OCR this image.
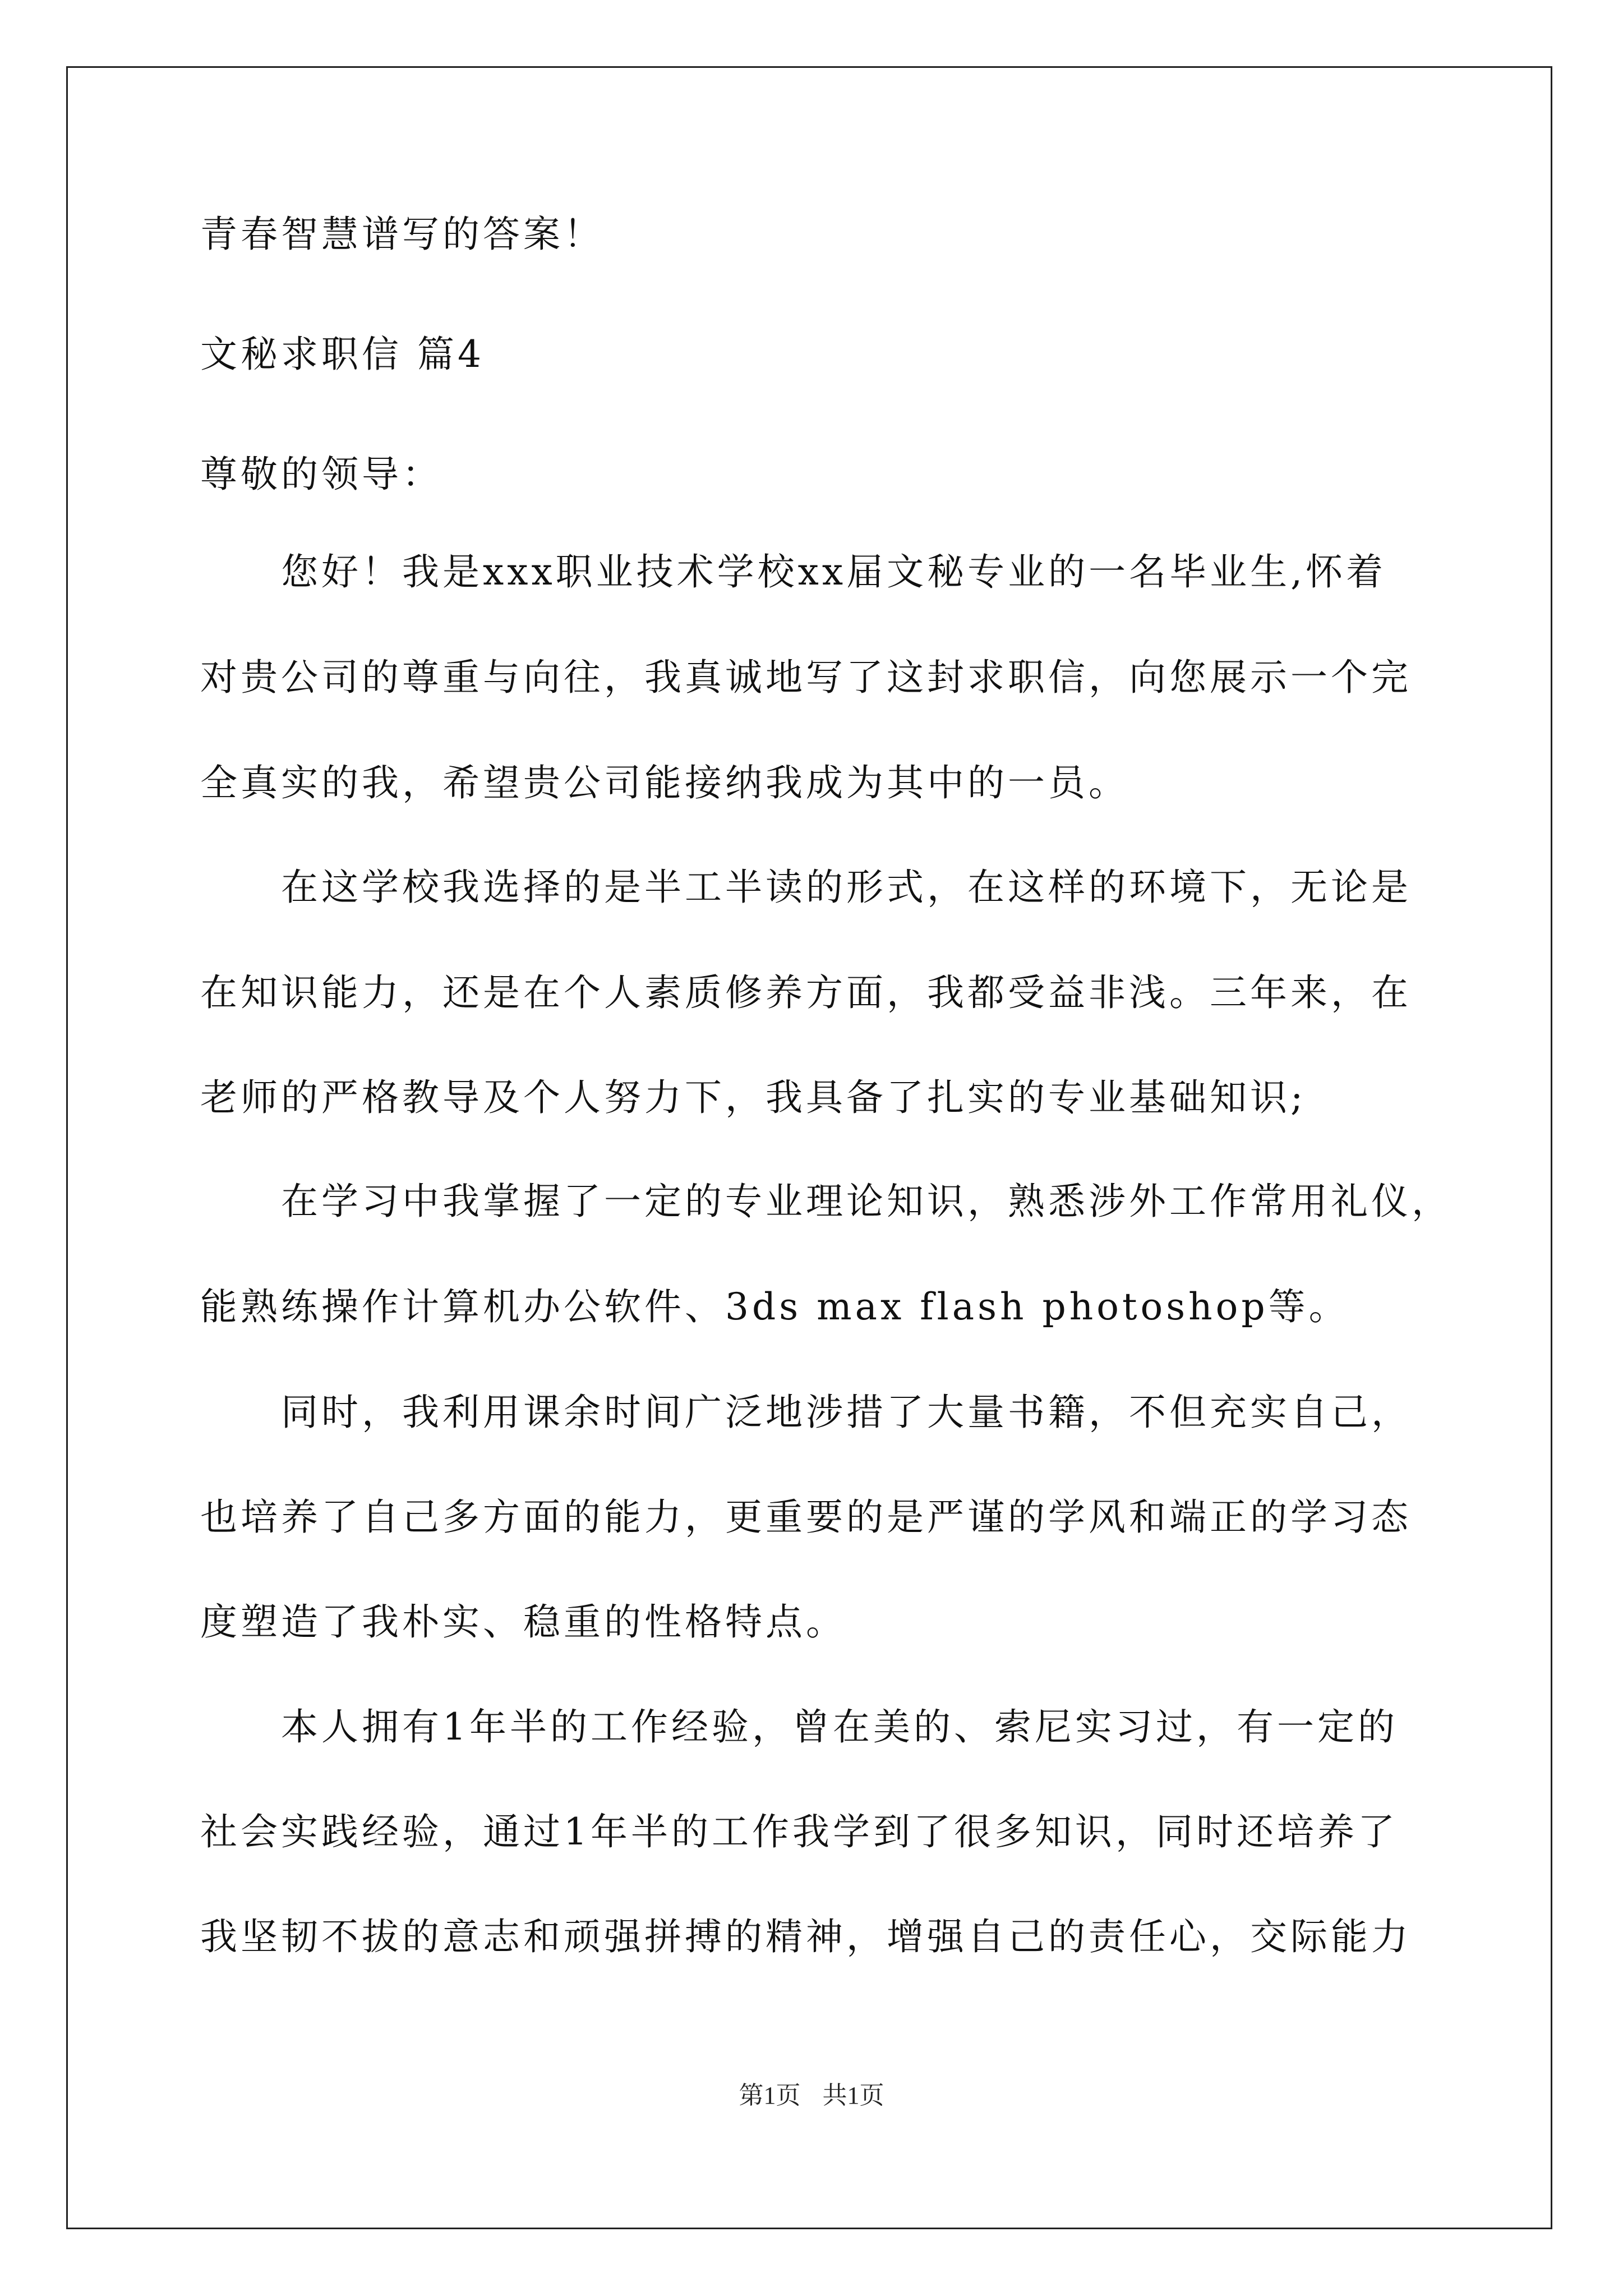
青春智慧谱写的答案！
文秘求职信 篇4
尊敬的领导：
　　您好！我是xxx职业技术学校xx届文秘专业的一名毕业生,怀着
对贵公司的尊重与向往，我真诚地写了这封求职信，向您展示一个完
全真实的我，希望贵公司能接纳我成为其中的一员。
　　在这学校我选择的是半工半读的形式，在这样的环境下，无论是
在知识能力，还是在个人素质修养方面，我都受益非浅。三年来，在
老师的严格教导及个人努力下，我具备了扎实的专业基础知识;
　　在学习中我掌握了一定的专业理论知识，熟悉涉外工作常用礼仪，
能熟练操作计算机办公软件、3ds max flash photoshop等。
　　同时，我利用课余时间广泛地涉措了大量书籍，不但充实自己，
也培养了自己多方面的能力，更重要的是严谨的学风和端正的学习态
度塑造了我朴实、稳重的性格特点。
　　本人拥有1年半的工作经验，曾在美的、索尼实习过，有一定的
社会实践经验，通过1年半的工作我学到了很多知识，同时还培养了
我坚韧不拔的意志和顽强拼搏的精神，增强自己的责任心，交际能力
第1页 共1页
